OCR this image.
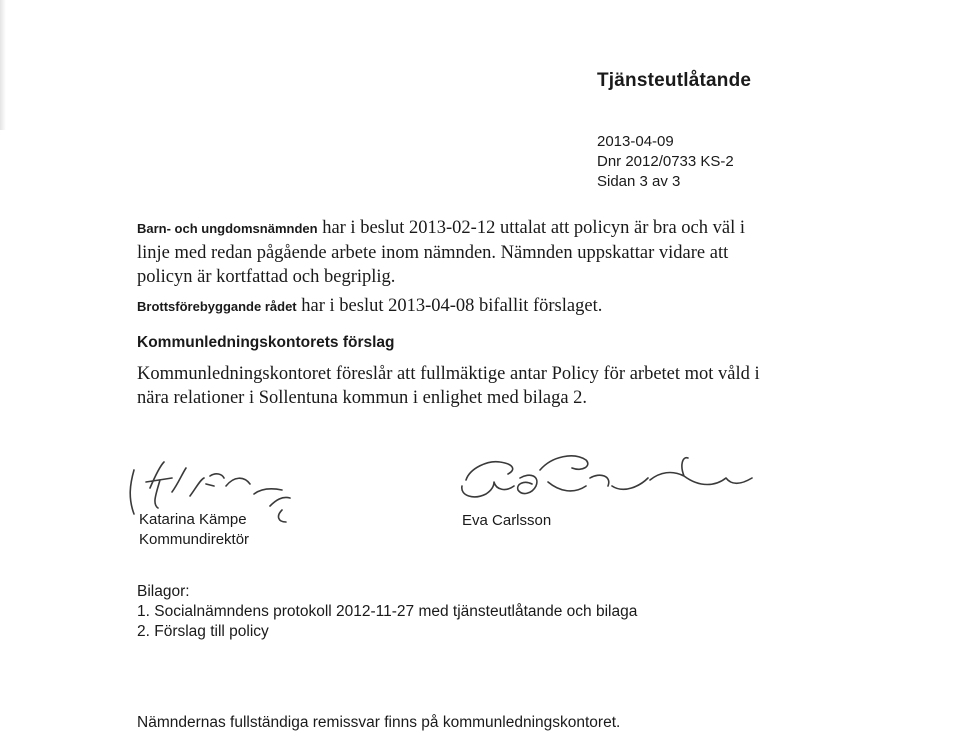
Tjänsteutlåtande
2013-04-09
Dnr 2012/0733 KS-2
Sidan 3 av 3

Barn- och ungdomsnämnden har i beslut 2013-02-12 uttalat att policyn är bra och väl i linje med redan pågående arbete inom nämnden. Nämnden uppskattar vidare att policyn är kortfattad och begriplig.

Brottsförebyggande rådet har i beslut 2013-04-08 bifallit förslaget.

Kommunledningskontorets förslag

Kommunledningskontoret föreslår att fullmäktige antar Policy för arbetet mot våld i nära relationer i Sollentuna kommun i enlighet med bilaga 2.

Katarina Kämpe
Kommundirektör
Eva Carlsson
Bilagor:
1. Socialnämndens protokoll 2012-11-27 med tjänsteutlåtande och bilaga
2. Förslag till policy

Nämndernas fullständiga remissvar finns på kommunledningskontoret.
